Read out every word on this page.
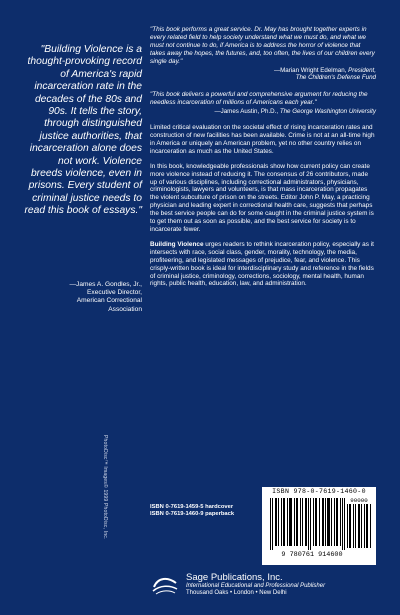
"Building Violence is a thought-provoking record of America's rapid incarceration rate in the decades of the 80s and 90s. It tells the story, through distinguished justice authorities, that incarceration alone does not work. Violence breeds violence, even in prisons. Every student of criminal justice needs to read this book of essays."
—James A. Gondles, Jr.,
Executive Director,
American Correctional
Association
PhotoDisc™ Images© 1999 PhotoDisc, Inc.

"This book performs a great service. Dr. May has brought together experts in every related field to help society understand what we must do, and what we must not continue to do, if America is to address the horror of violence that takes away the hopes, the futures, and, too often, the lives of our children every single day."

—Marian Wright Edelman, President,
The Children's Defense Fund

"This book delivers a powerful and comprehensive argument for reducing the needless incarceration of millions of Americans each year."

—James Austin, Ph.D., The George Washington University

Limited critical evaluation on the societal effect of rising incarceration rates and construction of new facilities has been available. Crime is not at an all-time high in America or uniquely an American problem, yet no other country relies on incarceration as much as the United States.

In this book, knowledgeable professionals show how current policy can create more violence instead of reducing it. The consensus of 26 contributors, made up of various disciplines, including correctional administrators, physicians, criminologists, lawyers and volunteers, is that mass incarceration propagates the violent subculture of prison on the streets. Editor John P. May, a practicing physician and leading expert in correctional health care, suggests that perhaps the best service people can do for some caught in the criminal justice system is to get them out as soon as possible, and the best service for society is to incarcerate fewer.

Building Violence urges readers to rethink incarceration policy, especially as it intersects with race, social class, gender, morality, technology, the media, profiteering, and legislated messages of prejudice, fear, and violence. This crisply-written book is ideal for interdisciplinary study and reference in the fields of criminal justice, criminology, corrections, sociology, mental health, human rights, public health, education, law, and administration.

ISBN 0-7619-1459-5 hardcover
ISBN 0-7619-1460-9 paperback
ISBN 978-0-7619-1460-0
90000
9 780761 914600
Sage Publications, Inc.
International Educational and Professional Publisher
Thousand Oaks • London • New Delhi
